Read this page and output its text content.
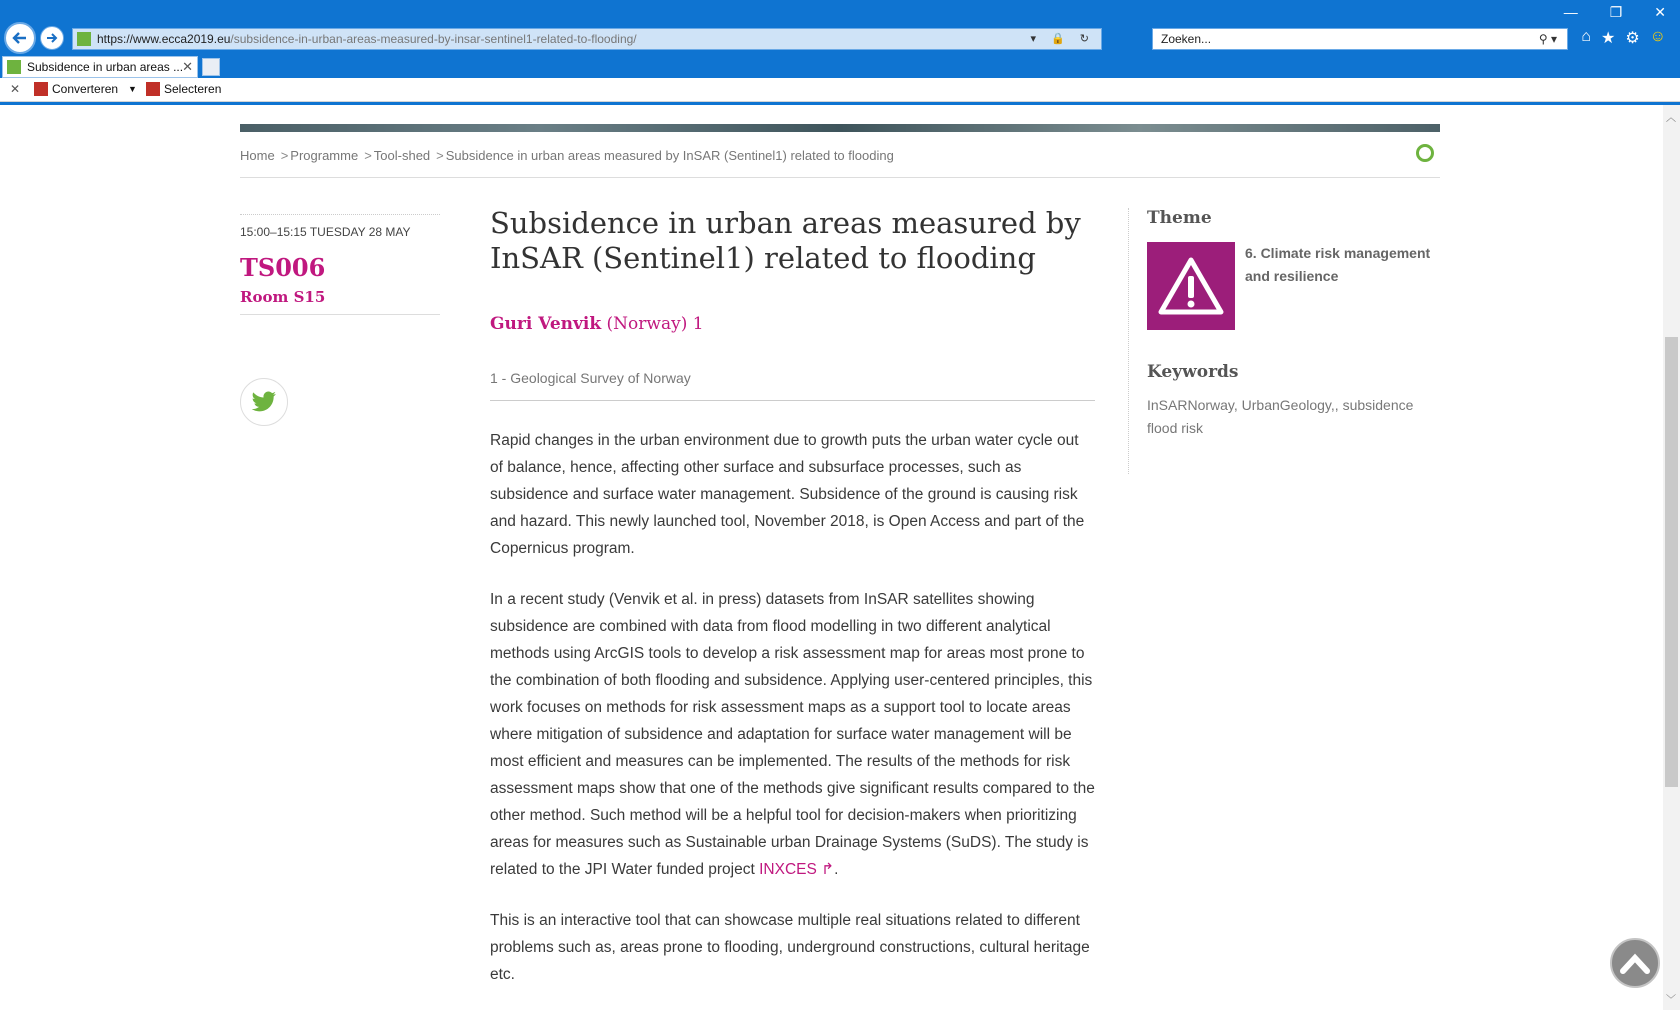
https://www.ecca2019.eu/subsidence-in-urban-areas-measured-by-insar-sentinel1-related-to-flooding/	▾ 🔒 ↻	Zoeken...	⚲ ▾
— ❐ ✕
⌂ ★ ⚙ ☺
Subsidence in urban areas ...
✕
✕	Converteren ▼	Selecteren
︿
﹀
Home > Programme > Tool-shed > Subsidence in urban areas measured by InSAR (Sentinel1) related to flooding
15:00–15:15 TUESDAY 28 MAY
TS006
Room S15
Subsidence in urban areas measured by InSAR (Sentinel1) related to flooding
Guri Venvik (Norway) 1
1 - Geological Survey of Norway

Rapid changes in the urban environment due to growth puts the urban water cycle out of balance, hence, affecting other surface and subsurface processes, such as subsidence and surface water management. Subsidence of the ground is causing risk and hazard. This newly launched tool, November 2018, is Open Access and part of the Copernicus program.

In a recent study (Venvik et al. in press) datasets from InSAR satellites showing subsidence are combined with data from flood modelling in two different analytical methods using ArcGIS tools to develop a risk assessment map for areas most prone to the combination of both flooding and subsidence. Applying user-centered principles, this work focuses on methods for risk assessment maps as a support tool to locate areas where mitigation of subsidence and adaptation for surface water management will be most efficient and measures can be implemented. The results of the methods for risk assessment maps show that one of the methods give significant results compared to the other method. Such method will be a helpful tool for decision-makers when prioritizing areas for measures such as Sustainable urban Drainage Systems (SuDS). The study is related to the JPI Water funded project INXCES ↱.

This is an interactive tool that can showcase multiple real situations related to different problems such as, areas prone to flooding, underground constructions, cultural heritage etc.

Theme
6. Climate risk management and resilience
Keywords
InSARNorway, UrbanGeology,, subsidence flood risk
